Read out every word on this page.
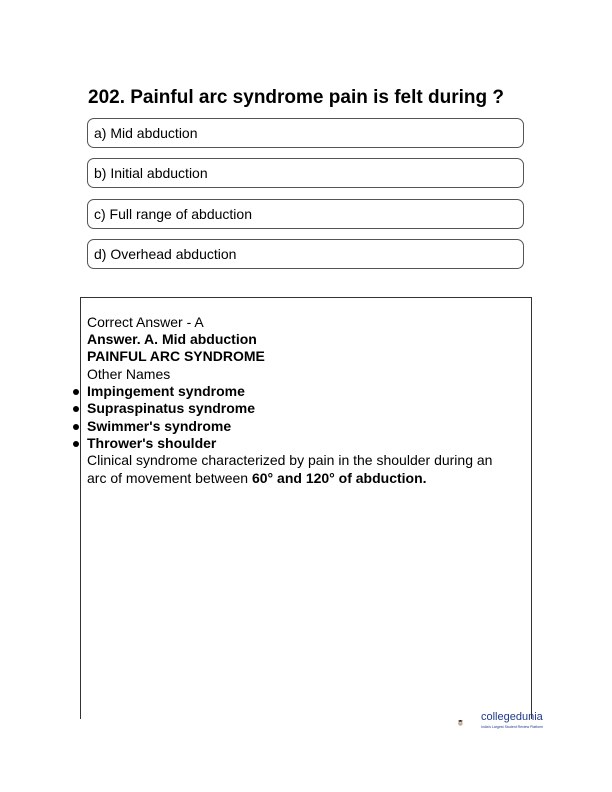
202. Painful arc syndrome pain is felt during ?
a) Mid abduction
b) Initial abduction
c) Full range of abduction
d) Overhead abduction
Correct Answer - A
Answer. A. Mid abduction
PAINFUL ARC SYNDROME
Other Names
Impingement syndrome
Supraspinatus syndrome
Swimmer's syndrome
Thrower's shoulder
Clinical syndrome characterized by pain in the shoulder during an
arc of movement between 60° and 120° of abduction.
collegedunia
India's Largest Student Review Platform
